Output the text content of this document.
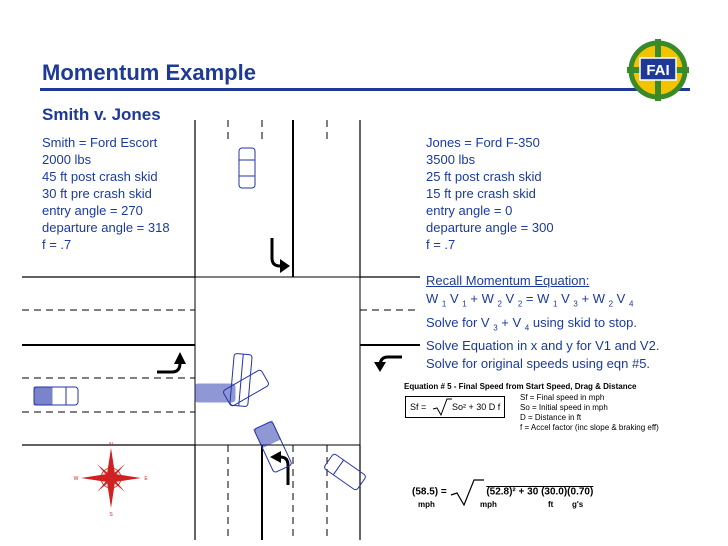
Momentum Example
Smith v. Jones
FAI
N
S
E
W
Smith = Ford Escort
2000 lbs
45 ft post crash skid
30 ft pre crash skid
entry angle = 270
departure angle = 318
f = .7
Jones = Ford F-350
3500 lbs
25 ft post crash skid
15 ft pre crash skid
entry angle = 0
departure angle = 300
f = .7
Recall Momentum Equation:
W $_1$ V $_1$ + W $_2$ V $_2$ = W $_1$ V $_3$ + W $_2$ V $_4$
Solve for V $_3$ + V $_4$ using skid to stop.
Solve Equation in x and y for V1 and V2.
Solve for original speeds using eqn #5.
Equation # 5 - Final Speed from Start Speed, Drag & Distance
Sf =	So² + 30 D f
Sf = Final speed in mph
So = Initial speed in mph
D = Distance in ft
f = Accel factor (inc slope & braking eff)
(58.5) =	(52.8)² + 30 (30.0)(0.70)
mph	mph	ft g's
